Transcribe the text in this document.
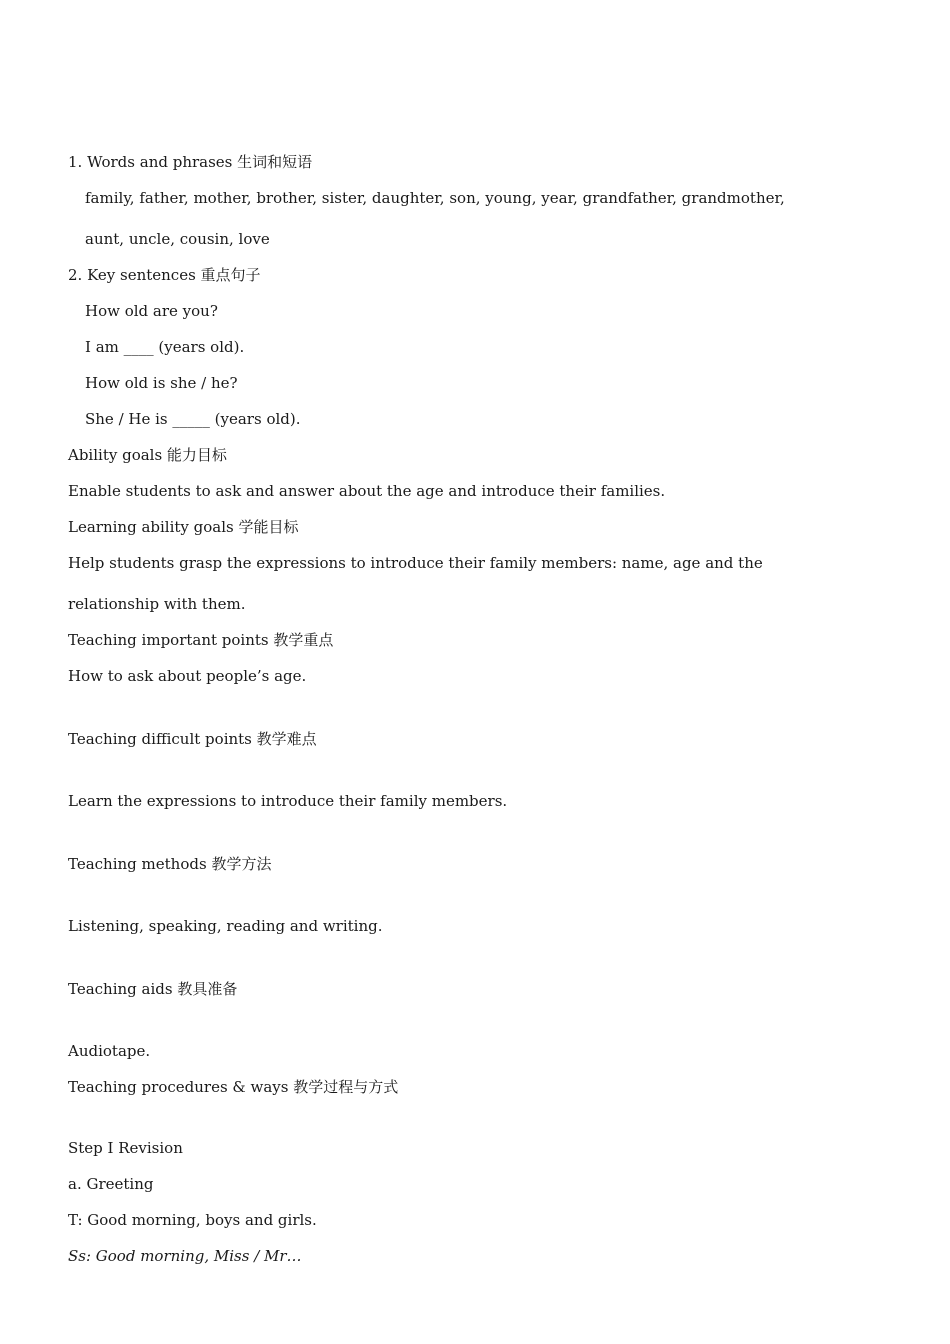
1. Words and phrases 生词和短语
family, father, mother, brother, sister, daughter, son, young, year, grandfather, grandmother,
aunt, uncle, cousin, love
2. Key sentences 重点句子
How old are you?
I am ____ (years old).
How old is she / he?
She / He is _____ (years old).
Ability goals 能力目标
Enable students to ask and answer about the age and introduce their families.
Learning ability goals 学能目标
Help students grasp the expressions to introduce their family members: name, age and the
relationship with them.
Teaching important points 教学重点
How to ask about people’s age.
Teaching difficult points 教学难点
Learn the expressions to introduce their family members.
Teaching methods 教学方法
Listening, speaking, reading and writing.
Teaching aids 教具准备
Audiotape.
Teaching procedures & ways 教学过程与方式
Step I Revision
a. Greeting
T: Good morning, boys and girls.
Ss: Good morning, Miss / Mr…
